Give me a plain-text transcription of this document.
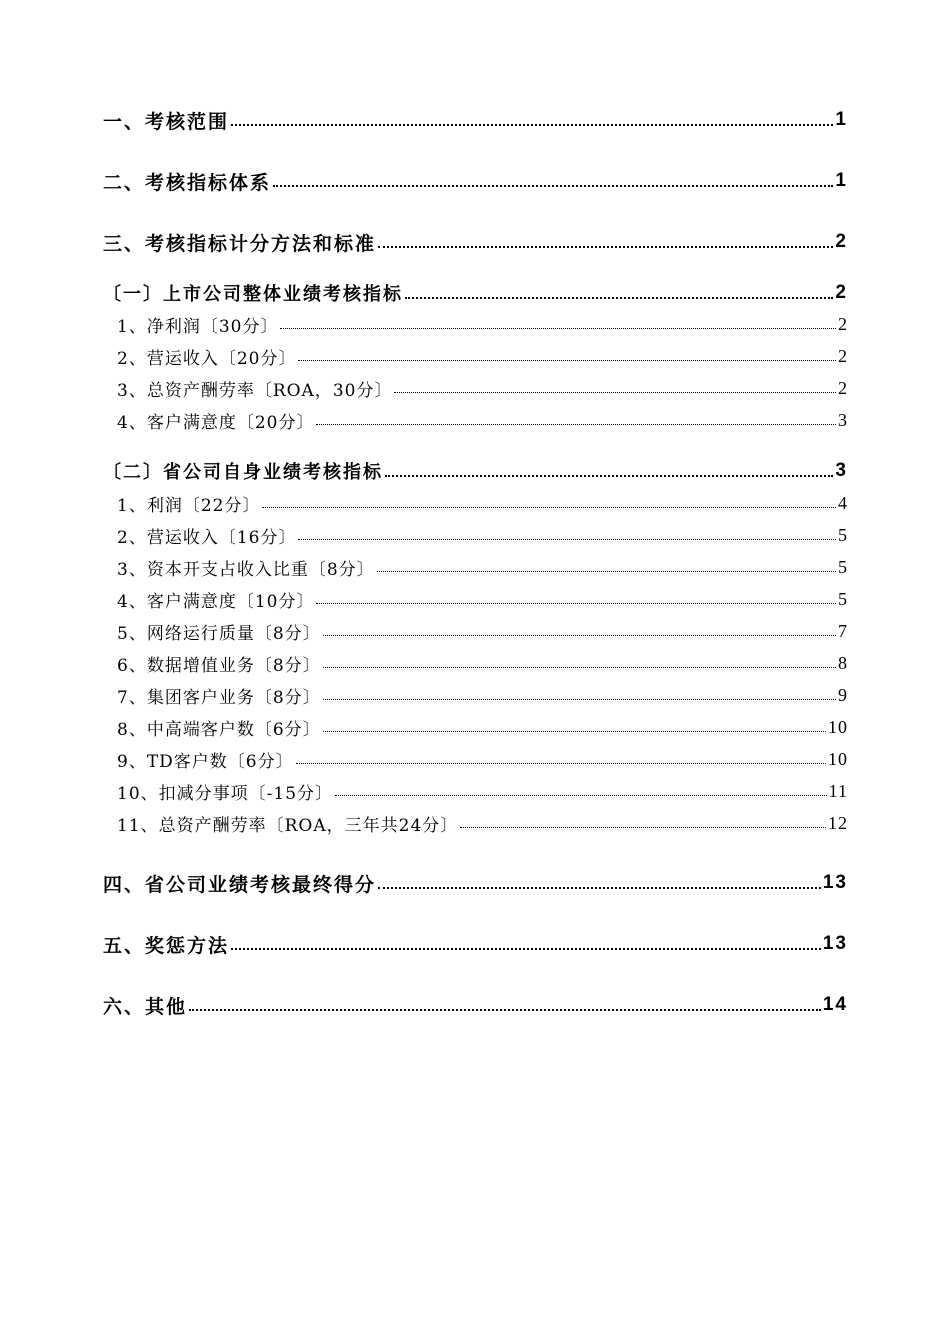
一、考核范围	1
二、考核指标体系	1
三、考核指标计分方法和标准	2
〔一〕上市公司整体业绩考核指标	2
1、净利润〔30分〕	2
2、营运收入〔20分〕	2
3、总资产酬劳率〔ROA，30分〕	2
4、客户满意度〔20分〕	3
〔二〕省公司自身业绩考核指标	3
1、利润〔22分〕	4
2、营运收入〔16分〕	5
3、资本开支占收入比重〔8分〕	5
4、客户满意度〔10分〕	5
5、网络运行质量〔8分〕	7
6、数据增值业务〔8分〕	8
7、集团客户业务〔8分〕	9
8、中高端客户数〔6分〕	10
9、TD客户数〔6分〕	10
10、扣减分事项〔-15分〕	11
11、总资产酬劳率〔ROA，三年共24分〕	12
四、省公司业绩考核最终得分	13
五、奖惩方法	13
六、其他	14
